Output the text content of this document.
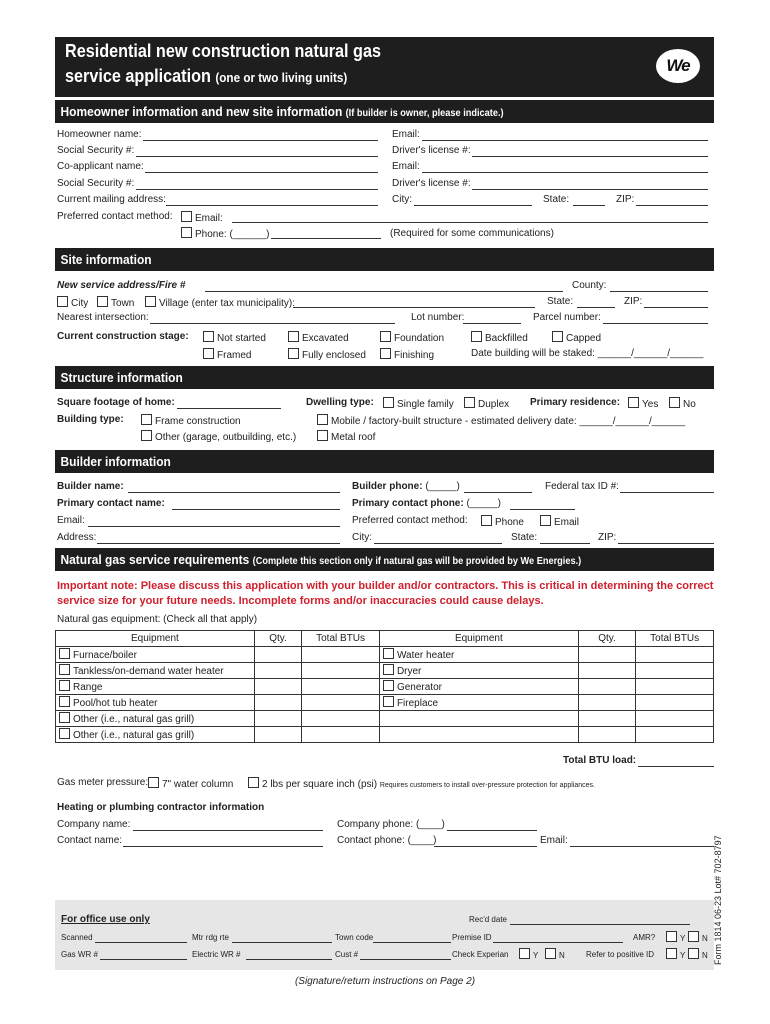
Residential new construction natural gas
service application (one or two living units)
We
Homeowner information and new site information (If builder is owner, please indicate.)
Homeowner name:
Social Security #:
Co-applicant name:
Social Security #:
Current mailing address:
Preferred contact method:	Email:
Phone: (______)	(Required for some communications)
Email:
Driver's license #:
Email:
Driver's license #:
City:	State:	ZIP:
Site information
New service address/Fire #	County:
City	Town	Village (enter tax municipality):	State:	ZIP:
Nearest intersection:	Lot number:	Parcel number:
Current construction stage:	Not started	Excavated	Foundation	Backfilled	Capped
Framed	Fully enclosed	Finishing	Date building will be staked: ______/______/______
Structure information
Square footage of home:
Building type:	Frame construction
Other (garage, outbuilding, etc.)
Dwelling type:	Single family	Duplex Primary residence:	Yes	No
Mobile / factory-built structure - estimated delivery date: ______/______/______
Metal roof
Builder information
Builder name:
Primary contact name:
Email:
Address:
Builder phone: (_____)	Federal tax ID #:
Primary contact phone: (_____)
Preferred contact method:	Phone	Email
City:	State:	ZIP:
Natural gas service requirements (Complete this section only if natural gas will be provided by We Energies.)
Important note: Please discuss this application with your builder and/or contractors. This is critical in determining the correct
service size for your future needs. Incomplete forms and/or inaccuracies could cause delays.
Natural gas equipment: (Check all that apply)
Equipment	Qty.	Total BTUs	Equipment	Qty.	Total BTUs
Furnace/boiler			Water heater		
Tankless/on-demand water heater			Dryer		
Range			Generator		
Pool/hot tub heater			Fireplace		
Other (i.e., natural gas grill)					
Other (i.e., natural gas grill)					
Total BTU load:
Gas meter pressure:	7" water column	2 lbs per square inch (psi) Requires customers to install over-pressure protection for appliances.
Heating or plumbing contractor information
Company name:
Contact name:
Company phone: (____)
Contact phone: (____)	Email:
For office use only	Rec'd date
Scanned	Mtr rdg rte	Town code	Premise ID	AMR?	Y	N
Gas WR #	Electric WR #	Cust #	Check Experian	Y	N	Refer to positive ID	Y	N Form 1814 06-23 Lot# 702-8797
(Signature/return instructions on Page 2)
